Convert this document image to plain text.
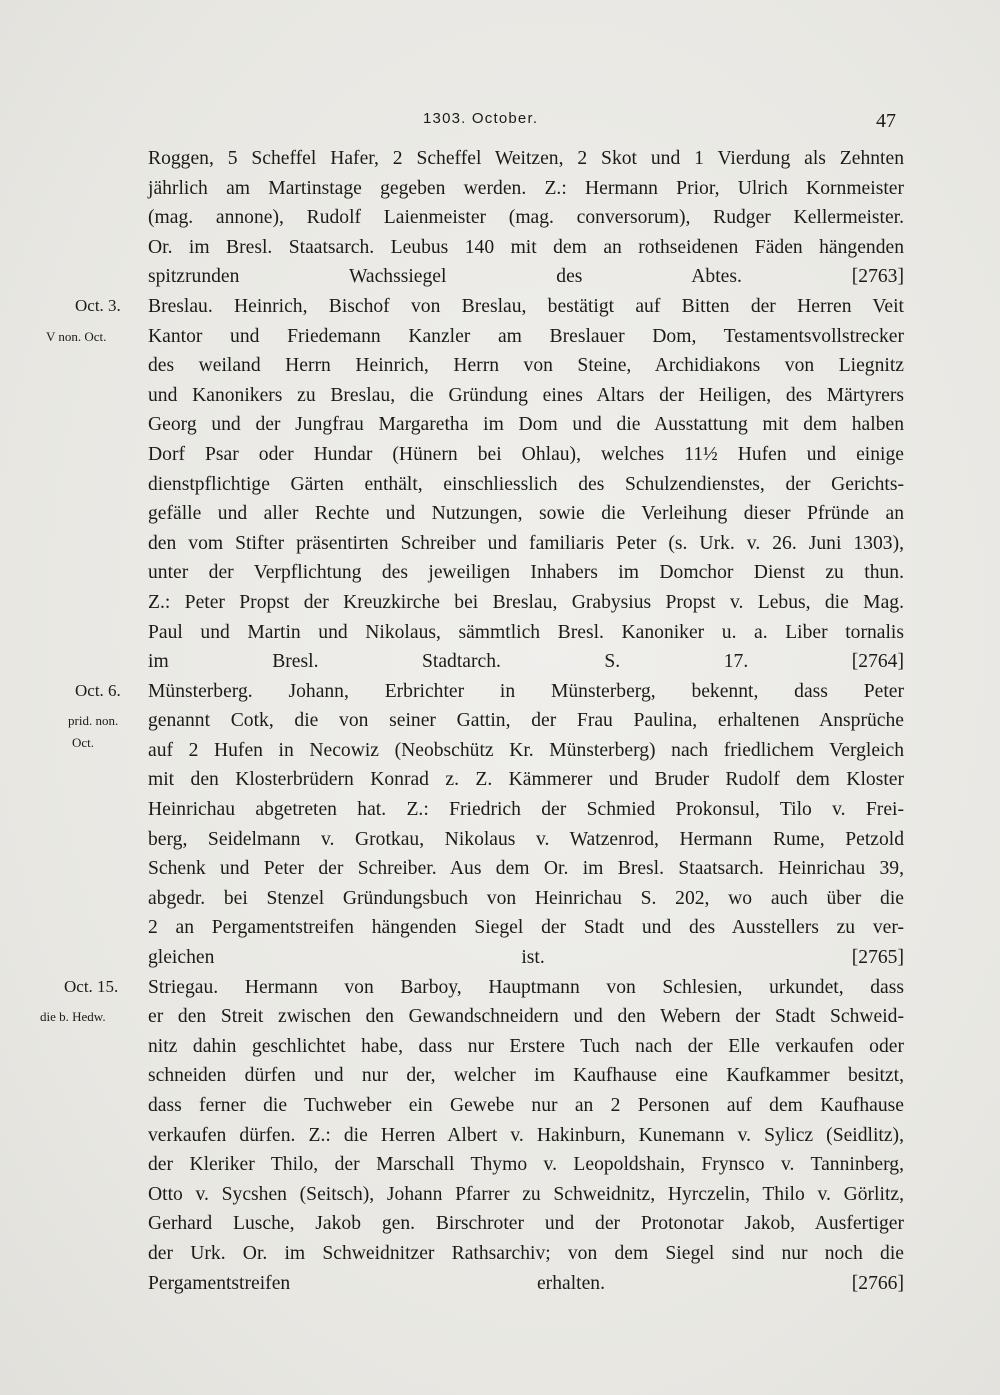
1303. October.	47
Roggen, 5 Scheffel Hafer, 2 Scheffel Weitzen, 2 Skot und 1 Vierdung als Zehnten
jährlich am Martinstage gegeben werden. Z.: Hermann Prior, Ulrich Kornmeister
(mag. annone), Rudolf Laienmeister (mag. conversorum), Rudger Kellermeister.
Or. im Bresl. Staatsarch. Leubus 140 mit dem an rothseidenen Fäden hängenden
spitzrunden Wachssiegel des Abtes. [2763]
Oct. 3.	Breslau. Heinrich, Bischof von Breslau, bestätigt auf Bitten der Herren Veit
V non. Oct.	Kantor und Friedemann Kanzler am Breslauer Dom, Testamentsvollstrecker
des weiland Herrn Heinrich, Herrn von Steine, Archidiakons von Liegnitz
und Kanonikers zu Breslau, die Gründung eines Altars der Heiligen, des Märtyrers
Georg und der Jungfrau Margaretha im Dom und die Ausstattung mit dem halben
Dorf Psar oder Hundar (Hünern bei Ohlau), welches 11½ Hufen und einige
dienstpflichtige Gärten enthält, einschliesslich des Schulzendienstes, der Gerichts-
gefälle und aller Rechte und Nutzungen, sowie die Verleihung dieser Pfründe an
den vom Stifter präsentirten Schreiber und familiaris Peter (s. Urk. v. 26. Juni 1303),
unter der Verpflichtung des jeweiligen Inhabers im Domchor Dienst zu thun.
Z.: Peter Propst der Kreuzkirche bei Breslau, Grabysius Propst v. Lebus, die Mag.
Paul und Martin und Nikolaus, sämmtlich Bresl. Kanoniker u. a. Liber tornalis
im Bresl. Stadtarch. S. 17. [2764]
Oct. 6.	Münsterberg. Johann, Erbrichter in Münsterberg, bekennt, dass Peter
prid. non.	genannt Cotk, die von seiner Gattin, der Frau Paulina, erhaltenen Ansprüche
Oct.	auf 2 Hufen in Necowiz (Neobschütz Kr. Münsterberg) nach friedlichem Vergleich
mit den Klosterbrüdern Konrad z. Z. Kämmerer und Bruder Rudolf dem Kloster
Heinrichau abgetreten hat. Z.: Friedrich der Schmied Prokonsul, Tilo v. Frei-
berg, Seidelmann v. Grotkau, Nikolaus v. Watzenrod, Hermann Rume, Petzold
Schenk und Peter der Schreiber. Aus dem Or. im Bresl. Staatsarch. Heinrichau 39,
abgedr. bei Stenzel Gründungsbuch von Heinrichau S. 202, wo auch über die
2 an Pergamentstreifen hängenden Siegel der Stadt und des Ausstellers zu ver-
gleichen ist. [2765]
Oct. 15.	Striegau. Hermann von Barboy, Hauptmann von Schlesien, urkundet, dass
die b. Hedw.	er den Streit zwischen den Gewandschneidern und den Webern der Stadt Schweid-
nitz dahin geschlichtet habe, dass nur Erstere Tuch nach der Elle verkaufen oder
schneiden dürfen und nur der, welcher im Kaufhause eine Kaufkammer besitzt,
dass ferner die Tuchweber ein Gewebe nur an 2 Personen auf dem Kaufhause
verkaufen dürfen. Z.: die Herren Albert v. Hakinburn, Kunemann v. Sylicz (Seidlitz),
der Kleriker Thilo, der Marschall Thymo v. Leopoldshain, Frynsco v. Tanninberg,
Otto v. Sycshen (Seitsch), Johann Pfarrer zu Schweidnitz, Hyrczelin, Thilo v. Görlitz,
Gerhard Lusche, Jakob gen. Birschroter und der Protonotar Jakob, Ausfertiger
der Urk. Or. im Schweidnitzer Rathsarchiv; von dem Siegel sind nur noch die
Pergamentstreifen erhalten. [2766]
